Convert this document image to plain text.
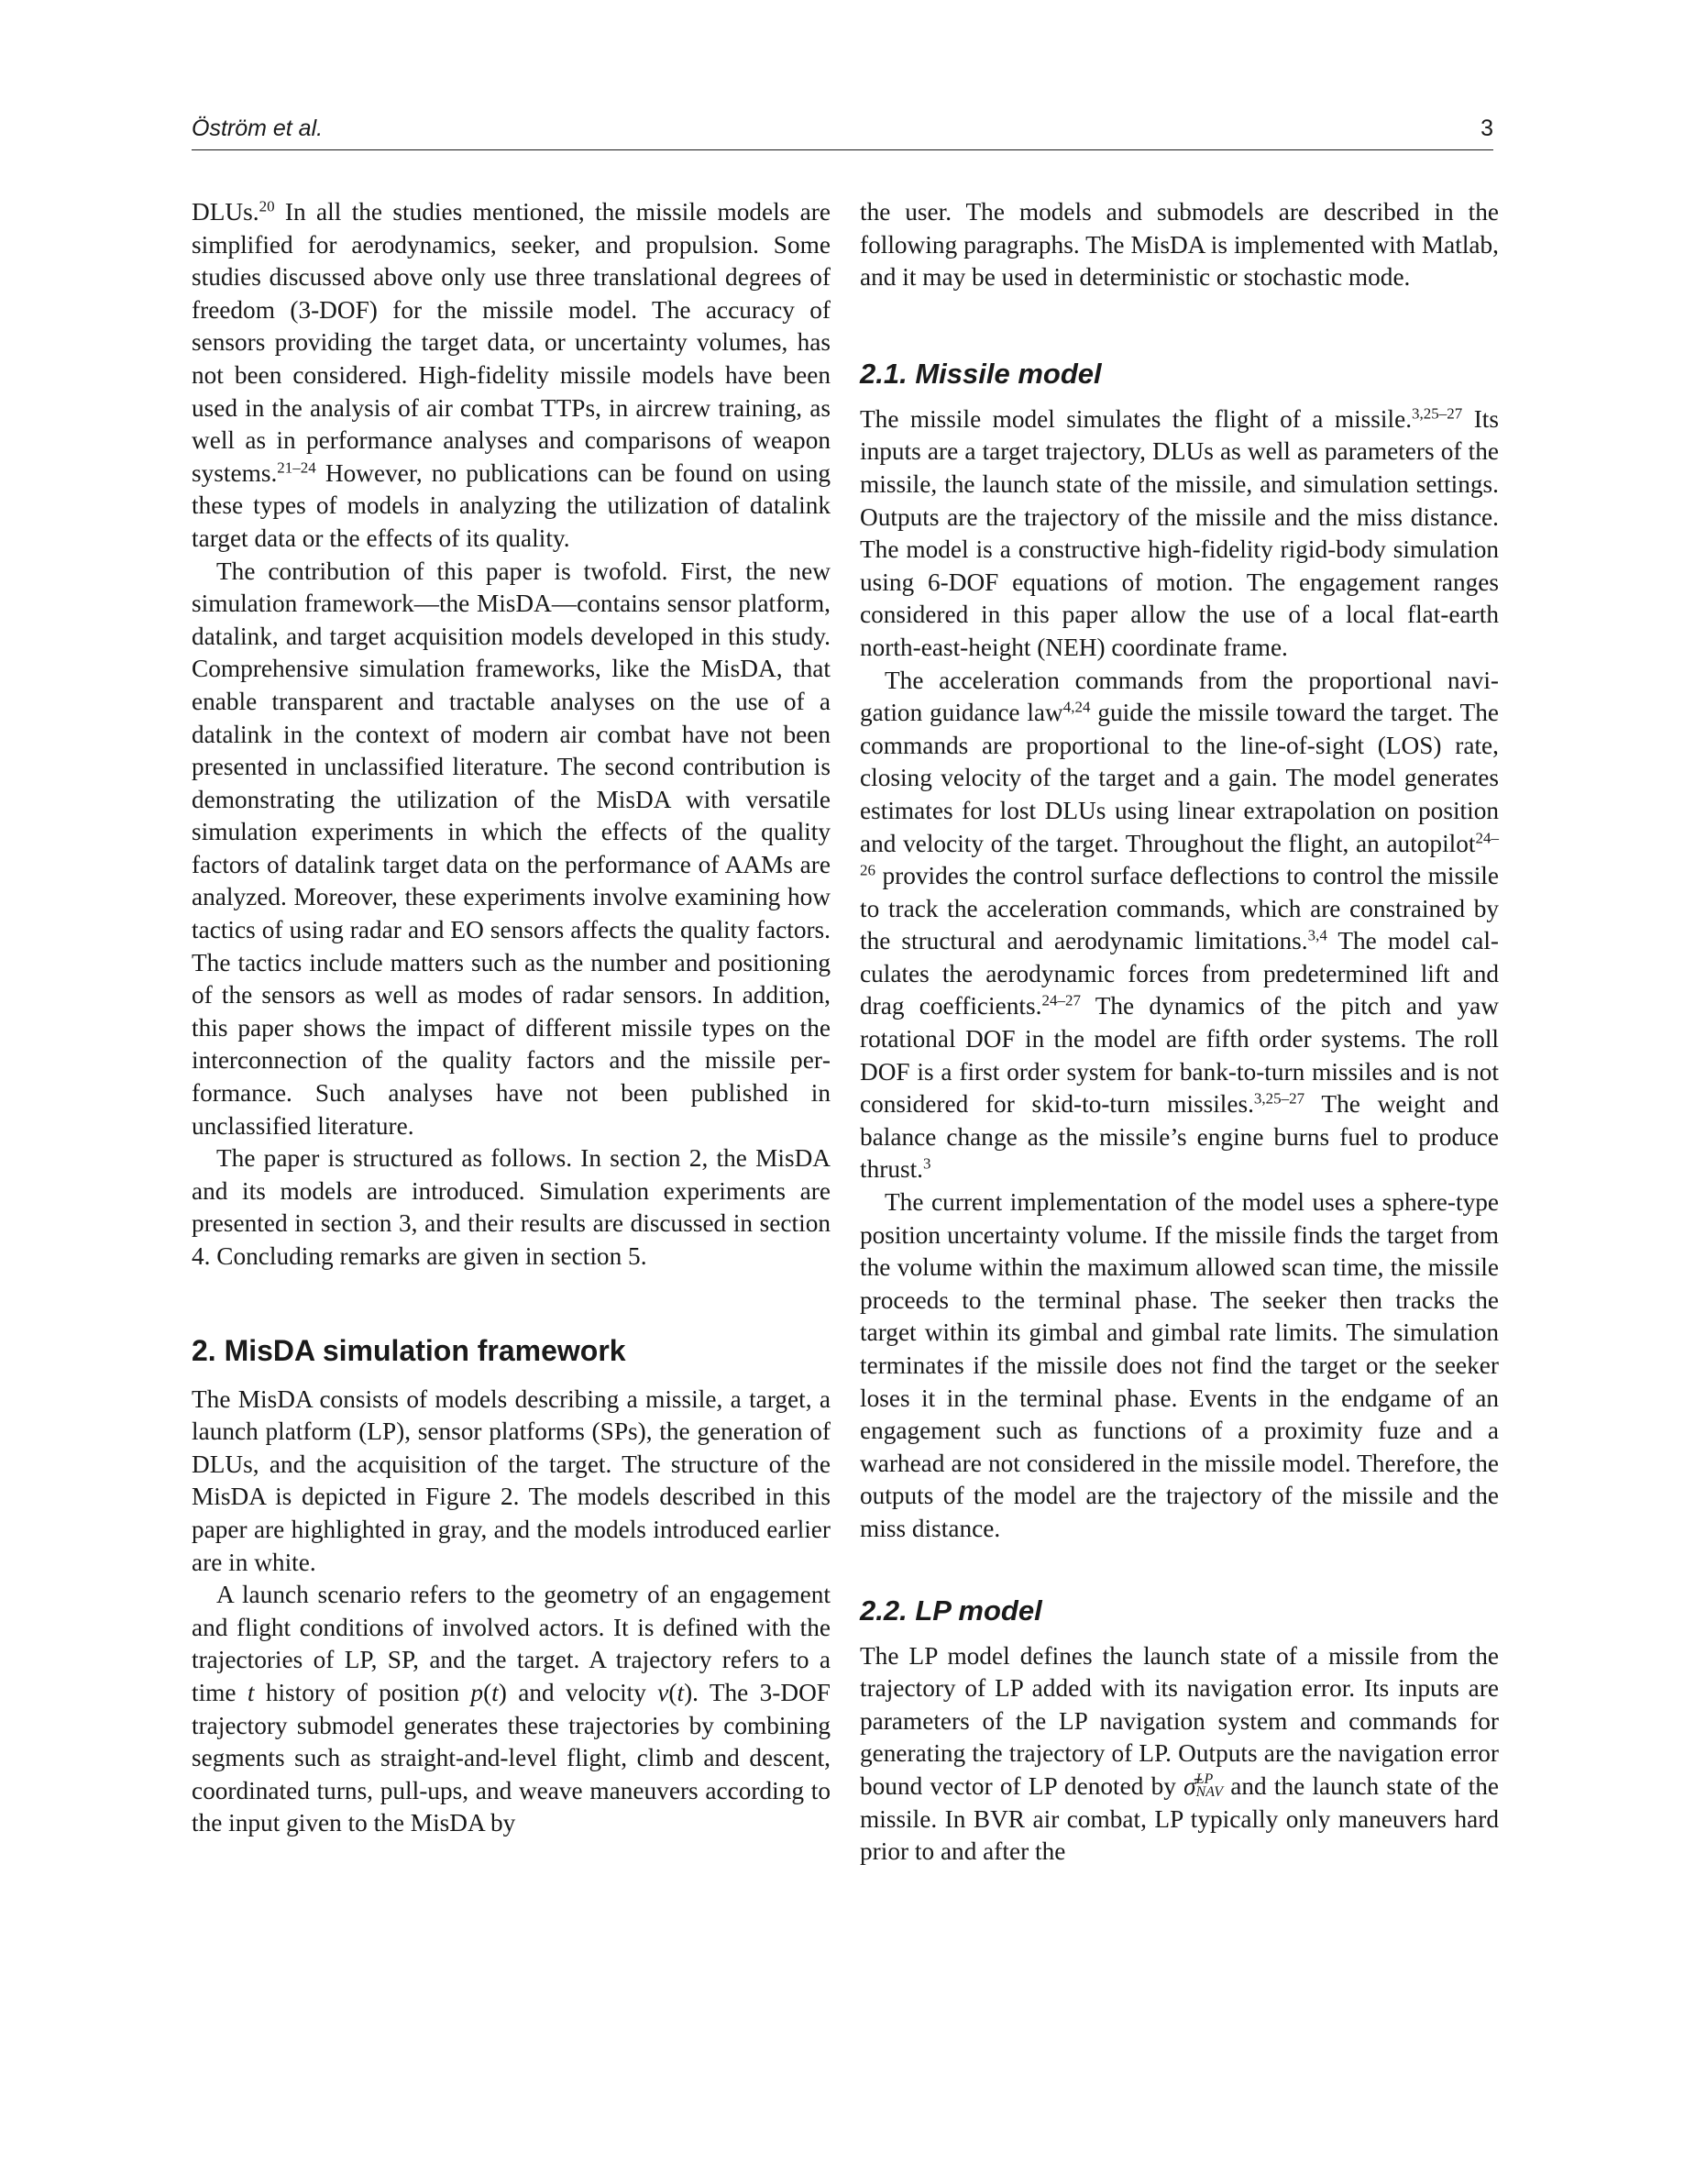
Öström et al.	3

DLUs.$^{20}$ In all the studies mentioned, the missile models are simplified for aerodynamics, seeker, and propulsion. Some studies discussed above only use three translational degrees of freedom (3-DOF) for the missile model. The accuracy of sensors providing the target data, or uncertainty volumes, has not been considered. High-fidelity missile models have been used in the analysis of air combat TTPs, in aircrew training, as well as in performance analyses and comparisons of weapon systems.$^{21-24}$ However, no publications can be found on using these types of models in analyzing the utilization of datalink target data or the effects of its quality.

The contribution of this paper is twofold. First, the new simulation framework—the MisDA—contains sensor platform, datalink, and target acquisition models developed in this study. Comprehensive simulation frameworks, like the MisDA, that enable transparent and tractable analyses on the use of a datalink in the context of modern air combat have not been presented in unclassified literature. The second contribution is demonstrating the utilization of the MisDA with versatile simulation experiments in which the effects of the quality factors of datalink target data on the performance of AAMs are analyzed. Moreover, these experiments involve examining how tactics of using radar and EO sensors affects the quality factors. The tactics include matters such as the number and positioning of the sensors as well as modes of radar sensors. In addition, this paper shows the impact of different missile types on the interconnection of the quality factors and the missile performance. Such analyses have not been published in unclassified literature.

The paper is structured as follows. In section 2, the MisDA and its models are introduced. Simulation experiments are presented in section 3, and their results are discussed in section 4. Concluding remarks are given in section 5.

2. MisDA simulation framework

The MisDA consists of models describing a missile, a target, a launch platform (LP), sensor platforms (SPs), the generation of DLUs, and the acquisition of the target. The structure of the MisDA is depicted in Figure 2. The models described in this paper are highlighted in gray, and the models introduced earlier are in white.

A launch scenario refers to the geometry of an engagement and flight conditions of involved actors. It is defined with the trajectories of LP, SP, and the target. A trajectory refers to a time t history of position p(t) and velocity v(t). The 3-DOF trajectory submodel generates these trajectories by combining segments such as straight-and-level flight, climb and descent, coordinated turns, pull-ups, and weave maneuvers according to the input given to the MisDA by

the user. The models and submodels are described in the following paragraphs. The MisDA is implemented with Matlab, and it may be used in deterministic or stochastic mode.

2.1. Missile model

The missile model simulates the flight of a missile.$^{3,25-27}$ Its inputs are a target trajectory, DLUs as well as parameters of the missile, the launch state of the missile, and simulation settings. Outputs are the trajectory of the missile and the miss distance. The model is a constructive high-fidelity rigid-body simulation using 6-DOF equations of motion. The engagement ranges considered in this paper allow the use of a local flat-earth north-east-height (NEH) coordinate frame.

The acceleration commands from the proportional navigation guidance law$^{4,24}$ guide the missile toward the target. The commands are proportional to the line-of-sight (LOS) rate, closing velocity of the target and a gain. The model generates estimates for lost DLUs using linear extrapolation on position and velocity of the target. Throughout the flight, an autopilot$^{24-26}$ provides the control surface deflections to control the missile to track the acceleration commands, which are constrained by the structural and aerodynamic limitations.$^{3,4}$ The model calculates the aerodynamic forces from predetermined lift and drag coefficients.$^{24-27}$ The dynamics of the pitch and yaw rotational DOF in the model are fifth order systems. The roll DOF is a first order system for bank-to-turn missiles and is not considered for skid-to-turn missiles.$^{3,25-27}$ The weight and balance change as the missile’s engine burns fuel to produce thrust.$^3$

The current implementation of the model uses a sphere-type position uncertainty volume. If the missile finds the target from the volume within the maximum allowed scan time, the missile proceeds to the terminal phase. The seeker then tracks the target within its gimbal and gimbal rate limits. The simulation terminates if the missile does not find the target or the seeker loses it in the terminal phase. Events in the endgame of an engagement such as functions of a proximity fuze and a warhead are not considered in the missile model. Therefore, the outputs of the model are the trajectory of the missile and the miss distance.

2.2. LP model

The LP model defines the launch state of a missile from the trajectory of LP added with its navigation error. Its inputs are parameters of the LP navigation system and commands for generating the trajectory of LP. Outputs are the navigation error bound vector of LP denoted by σ̄ LP
NAV and the launch state of the missile. In BVR air combat, LP typically only maneuvers hard prior to and after the
